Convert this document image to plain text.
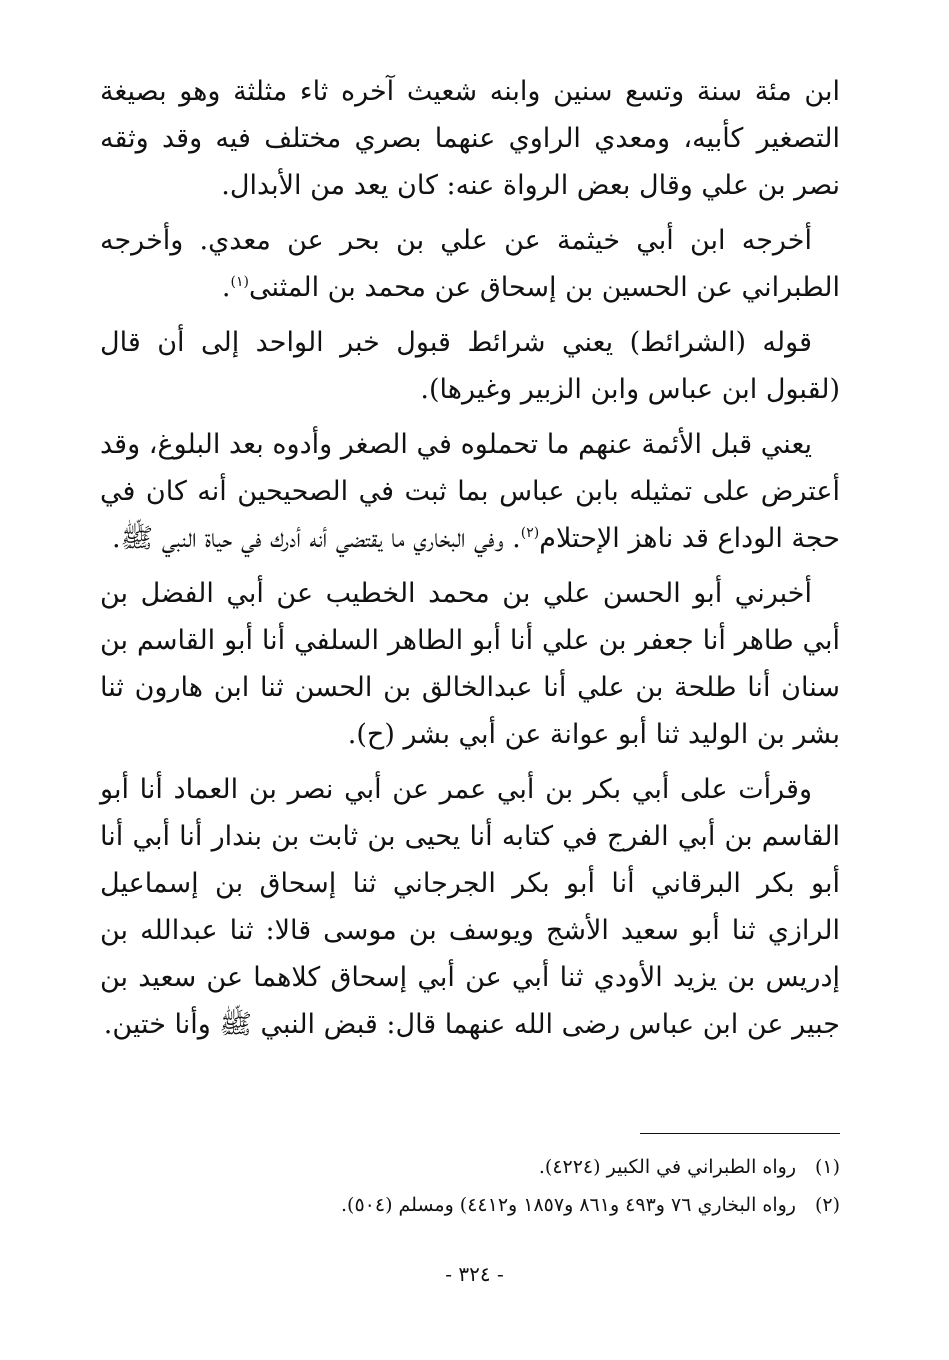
ابن مئة سنة وتسع سنين وابنه شعيث آخره ثاء مثلثة وهو بصيغة التصغير كأبيه، ومعدي الراوي عنهما بصري مختلف فيه وقد وثقه نصر بن علي وقال بعض الرواة عنه: كان يعد من الأبدال.

أخرجه ابن أبي خيثمة عن علي بن بحر عن معدي. وأخرجه الطبراني عن الحسين بن إسحاق عن محمد بن المثنى$^{(١)}$.

قوله (الشرائط) يعني شرائط قبول خبر الواحد إلى أن قال (لقبول ابن عباس وابن الزبير وغيرها).

يعني قبل الأئمة عنهم ما تحملوه في الصغر وأدوه بعد البلوغ، وقد أعترض على تمثيله بابن عباس بما ثبت في الصحيحين أنه كان في حجة الوداع قد ناهز الإحتلام$^{(٢)}$. وفي البخاري ما يقتضي أنه أدرك في حياة النبي ﷺ.

أخبرني أبو الحسن علي بن محمد الخطيب عن أبي الفضل بن أبي طاهر أنا جعفر بن علي أنا أبو الطاهر السلفي أنا أبو القاسم بن سنان أنا طلحة بن علي أنا عبدالخالق بن الحسن ثنا ابن هارون ثنا بشر بن الوليد ثنا أبو عوانة عن أبي بشر (ح).

وقرأت على أبي بكر بن أبي عمر عن أبي نصر بن العماد أنا أبو القاسم بن أبي الفرج في كتابه أنا يحيى بن ثابت بن بندار أنا أبي أنا أبو بكر البرقاني أنا أبو بكر الجرجاني ثنا إسحاق بن إسماعيل الرازي ثنا أبو سعيد الأشج ويوسف بن موسى قالا: ثنا عبدالله بن إدريس بن يزيد الأودي ثنا أبي عن أبي إسحاق كلاهما عن سعيد بن جبير عن ابن عباس رضى الله عنهما قال: قبض النبي ﷺ وأنا ختين.

(١)رواه الطبراني في الكبير (٤٢٢٤).

(٢)رواه البخاري ٧٦ و٤٩٣ و٨٦١ و١٨٥٧ و٤٤١٢) ومسلم (٥٠٤).

- ٣٢٤ -
